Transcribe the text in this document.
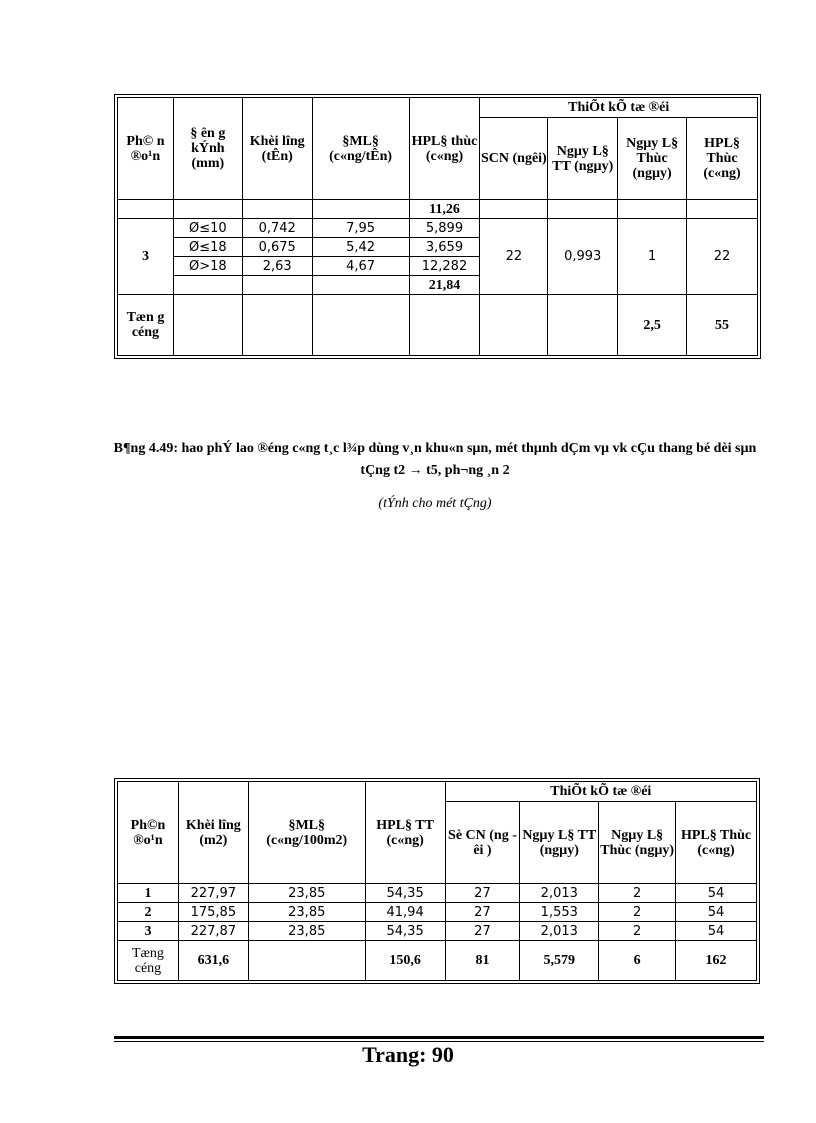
Ph© n ®o¹n	§ ên g kÝnh (mm)	Khèi lîng (tÊn)	§ML§ (c«ng/tÊn)	HPL§ thùc (c«ng)	ThiÕt kÕ tæ ®éi			
					SCN (ngêi)	Ngµy L§ TT (ngµy)	Ngµy L§ Thùc (ngµy)	HPL§ Thùc (c«ng)
				11,26				
3	Ø≤10	0,742	7,95	5,899	22	0,993	1	22
	Ø≤18	0,675	5,42	3,659				
	Ø>18	2,63	4,67	12,282				
				21,84				
Tæn g céng							2,5	55
B¶ng 4.49: hao phÝ lao ®éng c«ng t¸c l¾p dùng v¸n khu«n sµn, mét thµnh dÇm vµ vk cÇu thang bé dèi sµn tÇng t2 → t5, ph¬ng ¸n 2
(tÝnh cho mét tÇng)
Ph©n ®o¹n	Khèi lîng (m2)	§ML§ (c«ng/100m2)	HPL§ TT (c«ng)	ThiÕt kÕ tæ ®éi			
				Sè CN (ng êi )	Ngµy L§ TT (ngµy)	Ngµy L§ Thùc (ngµy)	HPL§ Thùc (c«ng)
1	227,97	23,85	54,35	27	2,013	2	54
2	175,85	23,85	41,94	27	1,553	2	54
3	227,87	23,85	54,35	27	2,013	2	54
Tæng céng	631,6		150,6	81	5,579	6	162
Trang: 90
